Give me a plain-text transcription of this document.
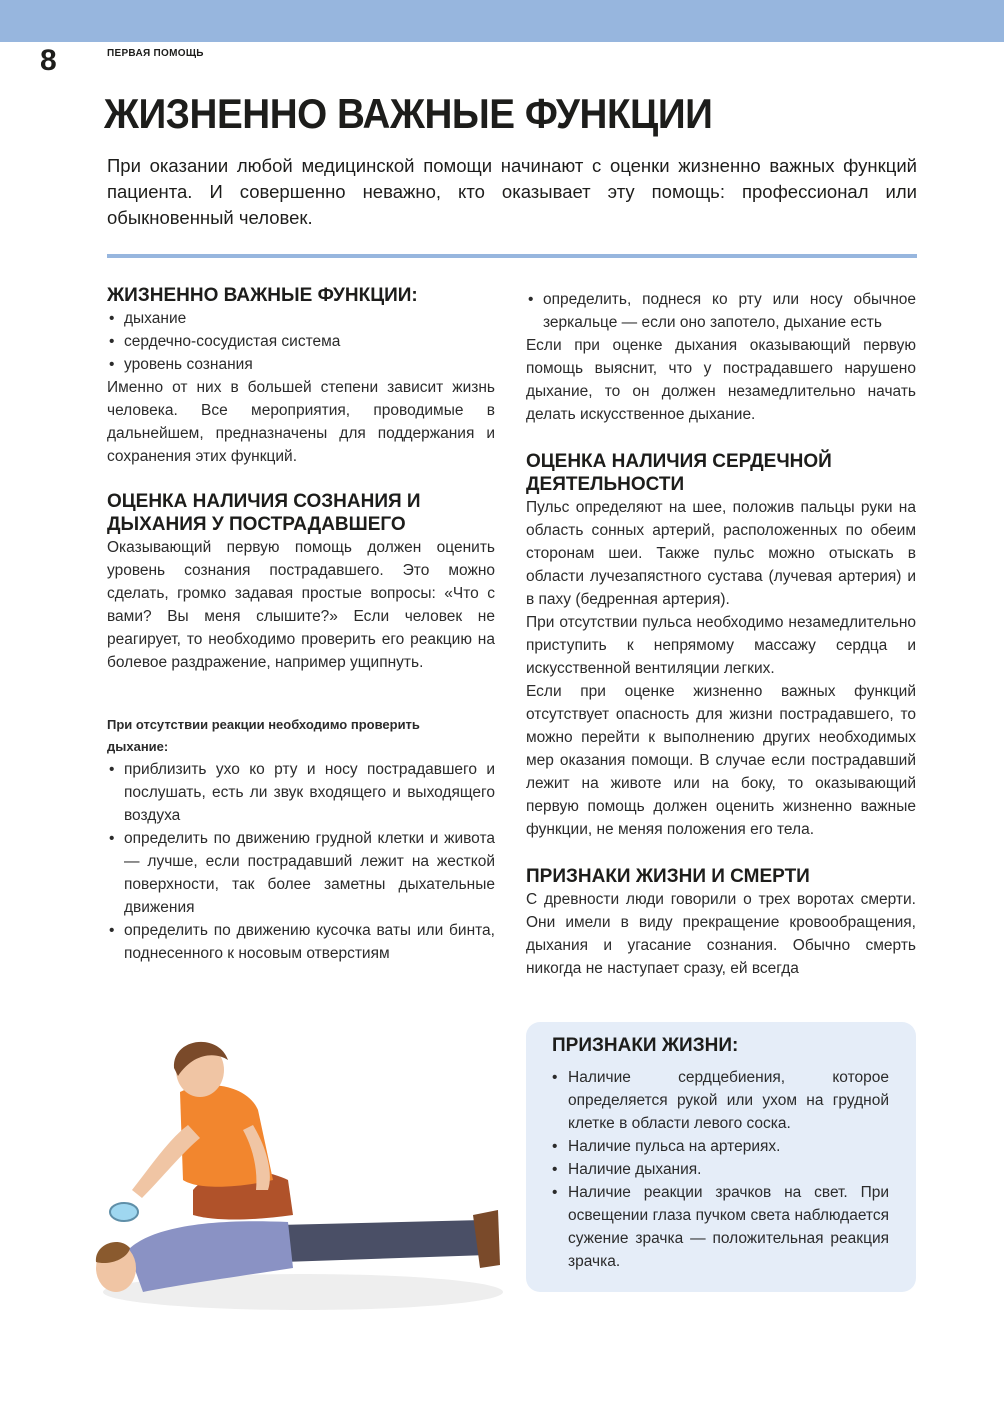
8	ПЕРВАЯ ПОМОЩЬ
ЖИЗНЕННО ВАЖНЫЕ ФУНКЦИИ

При оказании любой медицинской помощи начинают с оценки жизненно важных функций пациента. И совершенно неважно, кто оказывает эту помощь: профессионал или обыкновенный человек.

ЖИЗНЕННО ВАЖНЫЕ ФУНКЦИИ:
• дыхание
• сердечно-сосудистая система
• уровень сознания

Именно от них в большей степени зависит жизнь человека. Все мероприятия, проводимые в дальнейшем, предназначены для поддержания и сохранения этих функций.

ОЦЕНКА НАЛИЧИЯ СОЗНАНИЯ И ДЫХАНИЯ У ПОСТРАДАВШЕГО

Оказывающий первую помощь должен оценить уровень сознания пострадавшего. Это можно сделать, громко задавая простые вопросы: «Что с вами? Вы меня слышите?» Если человек не реагирует, то необходимо проверить его реакцию на болевое раздражение, например ущипнуть.

При отсутствии реакции необходимо проверить дыхание:

• приблизить ухо ко рту и носу пострадавшего и послушать, есть ли звук входящего и выходящего воздуха
• определить по движению грудной клетки и живота — лучше, если пострадавший лежит на жесткой поверхности, так более заметны дыхательные движения
• определить по движению кусочка ваты или бинта, поднесенного к носовым отверстиям
• определить, поднеся ко рту или носу обычное зеркальце — если оно запотело, дыхание есть

Если при оценке дыхания оказывающий первую помощь выяснит, что у пострадавшего нарушено дыхание, то он должен незамедлительно начать делать искусственное дыхание.

ОЦЕНКА НАЛИЧИЯ СЕРДЕЧНОЙ ДЕЯТЕЛЬНОСТИ

Пульс определяют на шее, положив пальцы руки на область сонных артерий, расположенных по обеим сторонам шеи. Также пульс можно отыскать в области лучезапястного сустава (лучевая артерия) и в паху (бедренная артерия).

При отсутствии пульса необходимо незамедлительно приступить к непрямому массажу сердца и искусственной вентиляции легких.

Если при оценке жизненно важных функций отсутствует опасность для жизни пострадавшего, то можно перейти к выполнению других необходимых мер оказания помощи. В случае если пострадавший лежит на животе или на боку, то оказывающий первую помощь должен оценить жизненно важные функции, не меняя положения его тела.

ПРИЗНАКИ ЖИЗНИ И СМЕРТИ

С древности люди говорили о трех воротах смерти. Они имели в виду прекращение кровообращения, дыхания и угасание сознания. Обычно смерть никогда не наступает сразу, ей всегда

ПРИЗНАКИ ЖИЗНИ:
• Наличие сердцебиения, которое определяется рукой или ухом на грудной клетке в области левого соска.
• Наличие пульса на артериях.
• Наличие дыхания.
• Наличие реакции зрачков на свет. При освещении глаза пучком света наблюдается сужение зрачка — положительная реакция зрачка.
